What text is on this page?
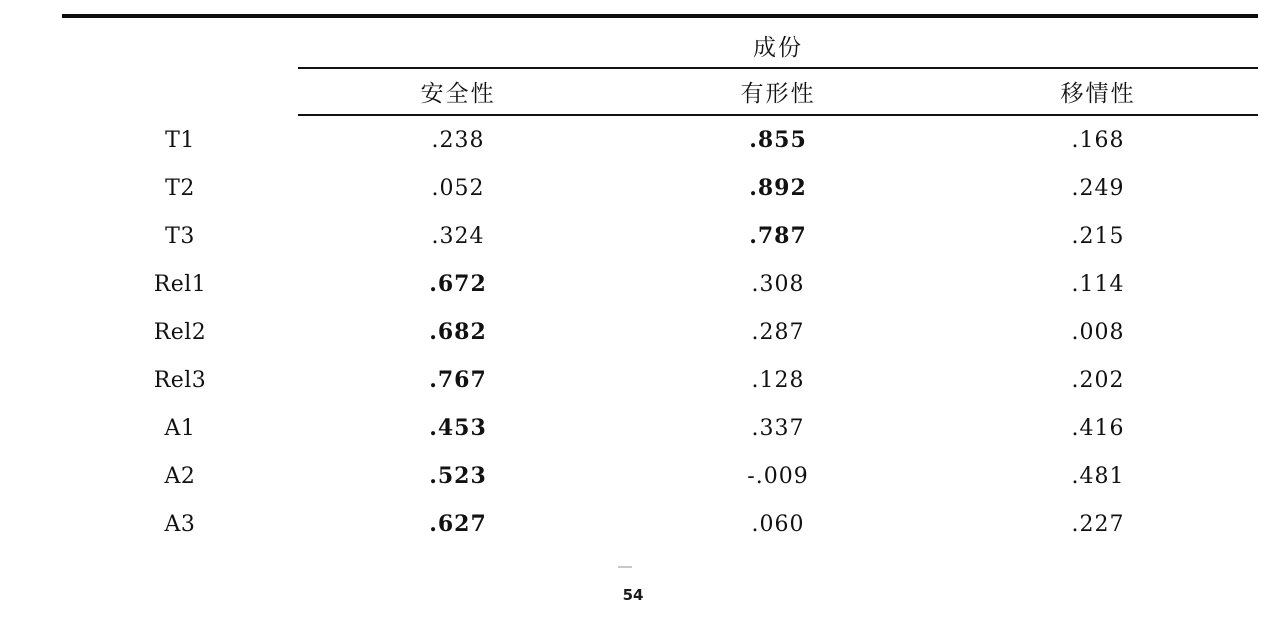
	成份		

	安全性	有形性	移情性

T1	.238	.855	.168
T2	.052	.892	.249
T3	.324	.787	.215
Rel1	.672	.308	.114
Rel2	.682	.287	.008
Rel3	.767	.128	.202
A1	.453	.337	.416
A2	.523	-.009	.481
A3	.627	.060	.227
54
